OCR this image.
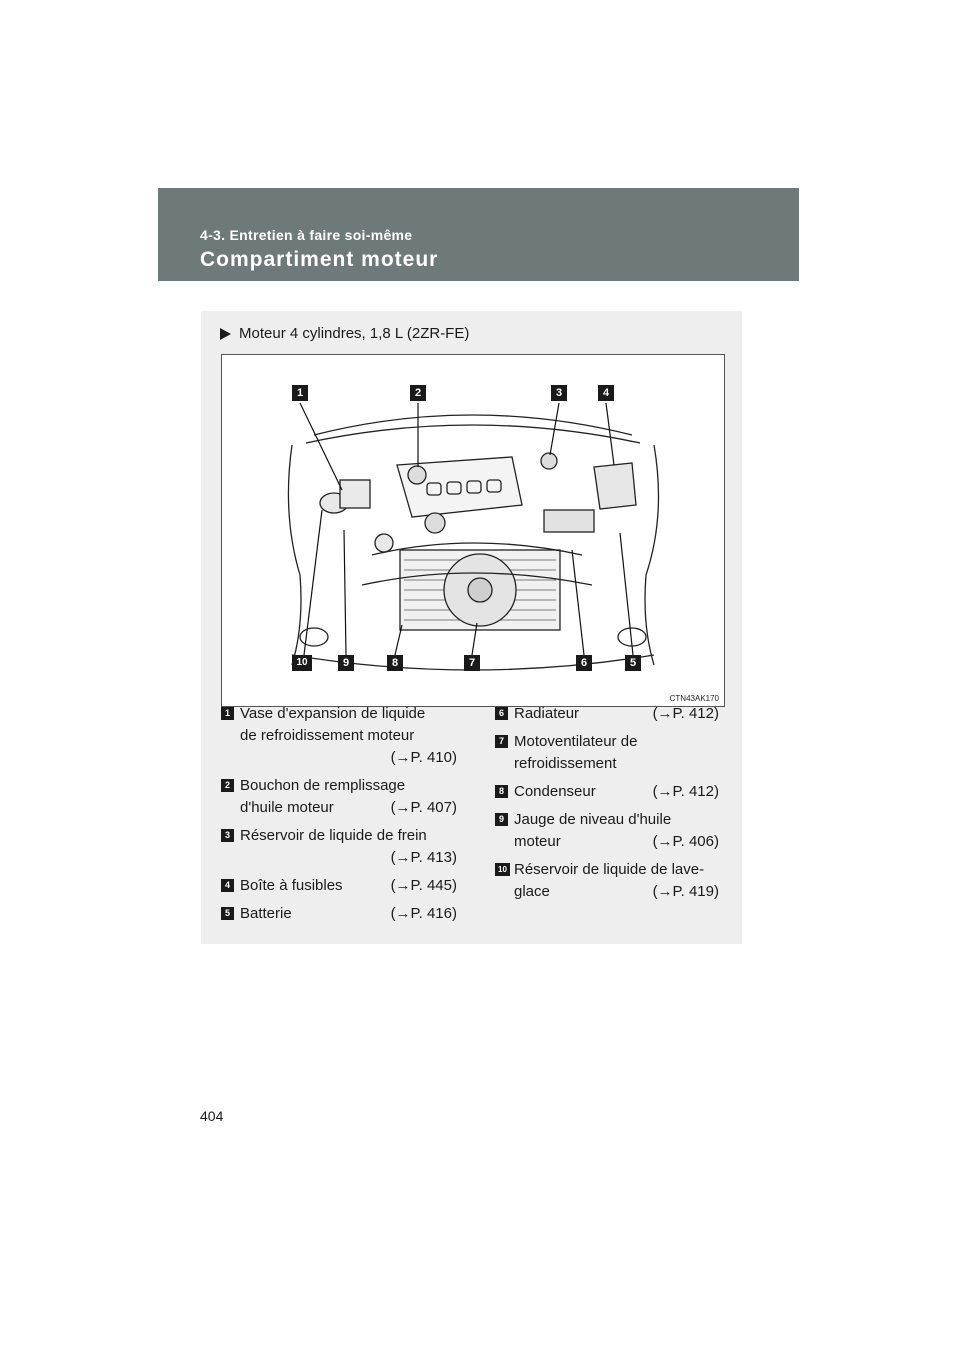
4-3. Entretien à faire soi-même
Compartiment moteur
Moteur 4 cylindres, 1,8 L (2ZR-FE)
1	2	3	4
5
6
7
8
9
10
CTN43AK170
1 Vase d'expansion de liquide
de refroidissement moteur
(→P. 410)
2 Bouchon de remplissage
d'huile moteur	(→P. 407)
3 Réservoir de liquide de frein
(→P. 413)
4 Boîte à fusibles	(→P. 445)
5 Batterie	(→P. 416)
6 Radiateur	(→P. 412)
7 Motoventilateur de
refroidissement
8 Condenseur	(→P. 412)
9 Jauge de niveau d'huile
moteur	(→P. 406)
10 Réservoir de liquide de lave-
glace	(→P. 419)
404
